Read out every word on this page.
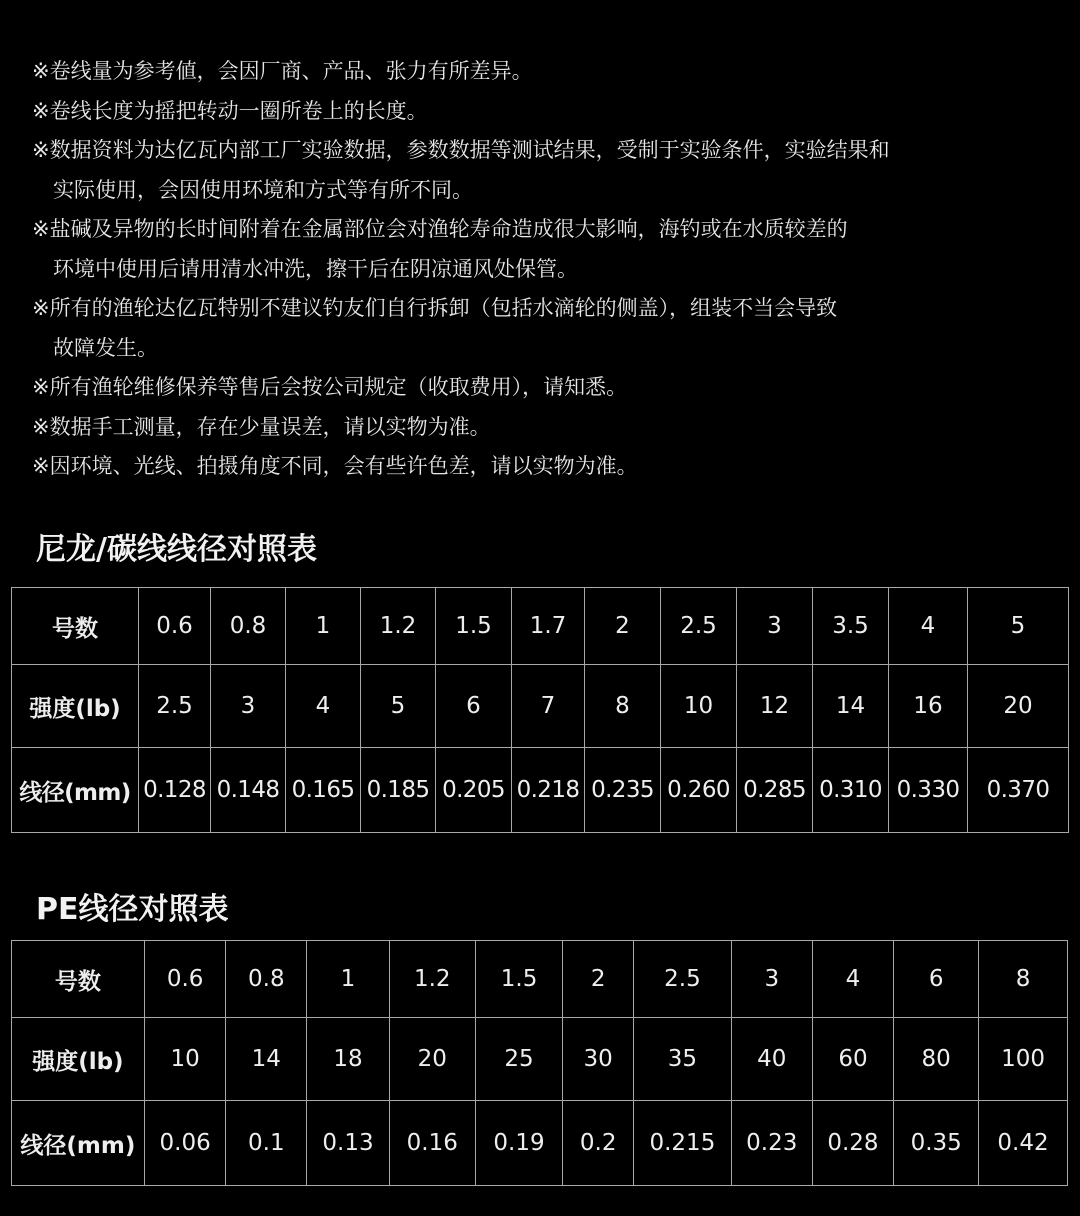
※卷线量为参考値，会因厂商、产品、张力有所差异。
※卷线长度为摇把转动一圈所卷上的长度。
※数据资料为达亿瓦内部工厂实验数据，参数数据等测试结果，受制于实验条件，实验结果和
实际使用，会因使用环境和方式等有所不同。
※盐碱及异物的长时间附着在金属部位会对渔轮寿命造成很大影响，海钓或在水质较差的
环境中使用后请用清水冲洗，擦干后在阴凉通风处保管。
※所有的渔轮达亿瓦特别不建议钓友们自行拆卸（包括水滴轮的侧盖），组装不当会导致
故障发生。
※所有渔轮维修保养等售后会按公司规定（收取费用），请知悉。
※数据手工测量，存在少量误差，请以实物为准。
※因环境、光线、拍摄角度不同，会有些许色差，请以实物为准。
尼龙/碳线线径对照表
号数	0.6	0.8	1	1.2	1.5	1.7	2	2.5	3	3.5	4	5
强度(lb)	2.5	3	4	5	6	7	8	10	12	14	16	20
线径(mm)	0.128	0.148	0.165	0.185	0.205	0.218	0.235	0.260	0.285	0.310	0.330	0.370
PE线径对照表
号数	0.6	0.8	1	1.2	1.5	2	2.5	3	4	6	8
强度(lb)	10	14	18	20	25	30	35	40	60	80	100
线径(mm)	0.06	0.1	0.13	0.16	0.19	0.2	0.215	0.23	0.28	0.35	0.42
